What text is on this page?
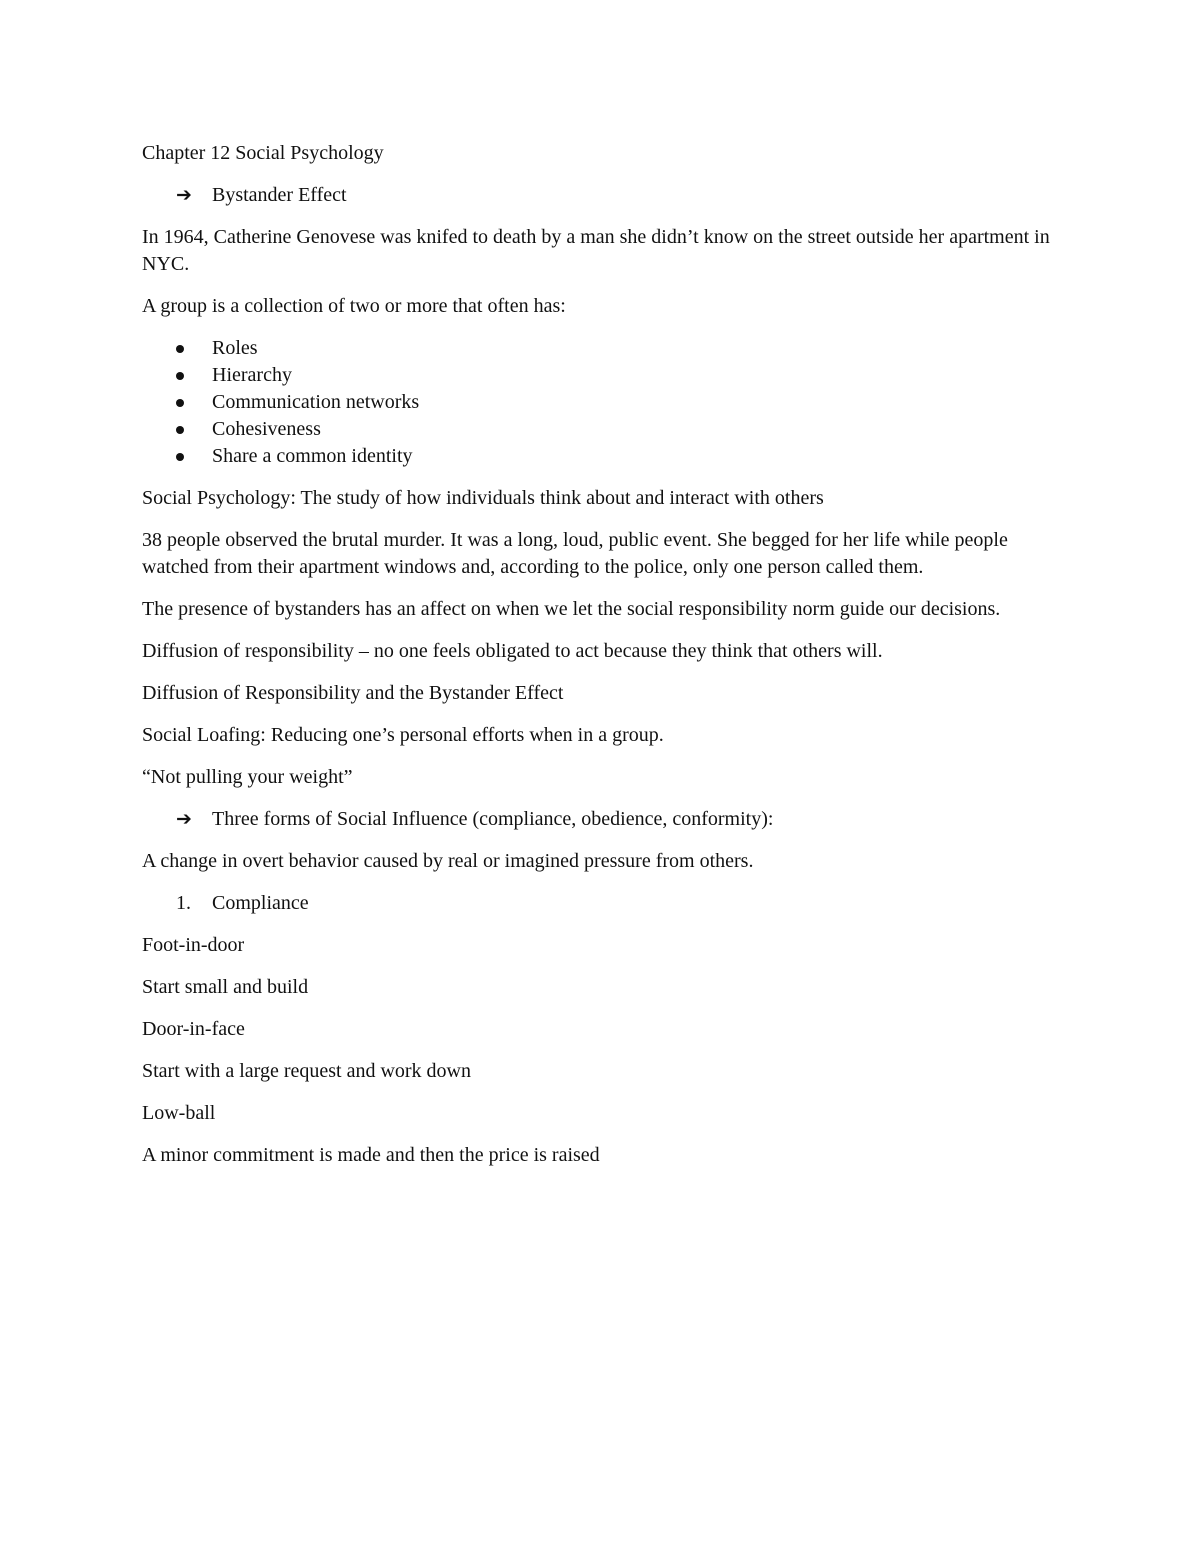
Chapter 12 Social Psychology
➔ Bystander Effect
In 1964, Catherine Genovese was knifed to death by a man she didn’t know on the street outside her apartment in NYC.
A group is a collection of two or more that often has:
Roles
Hierarchy
Communication networks
Cohesiveness
Share a common identity
Social Psychology: The study of how individuals think about and interact with others
38 people observed the brutal murder. It was a long, loud, public event. She begged for her life while people watched from their apartment windows and, according to the police, only one person called them.
The presence of bystanders has an affect on when we let the social responsibility norm guide our decisions.
Diffusion of responsibility – no one feels obligated to act because they think that others will.
Diffusion of Responsibility and the Bystander Effect
Social Loafing: Reducing one’s personal efforts when in a group.
“Not pulling your weight”
➔ Three forms of Social Influence (compliance, obedience, conformity):
A change in overt behavior caused by real or imagined pressure from others.
1. Compliance
Foot-in-door
Start small and build
Door-in-face
Start with a large request and work down
Low-ball
A minor commitment is made and then the price is raised
